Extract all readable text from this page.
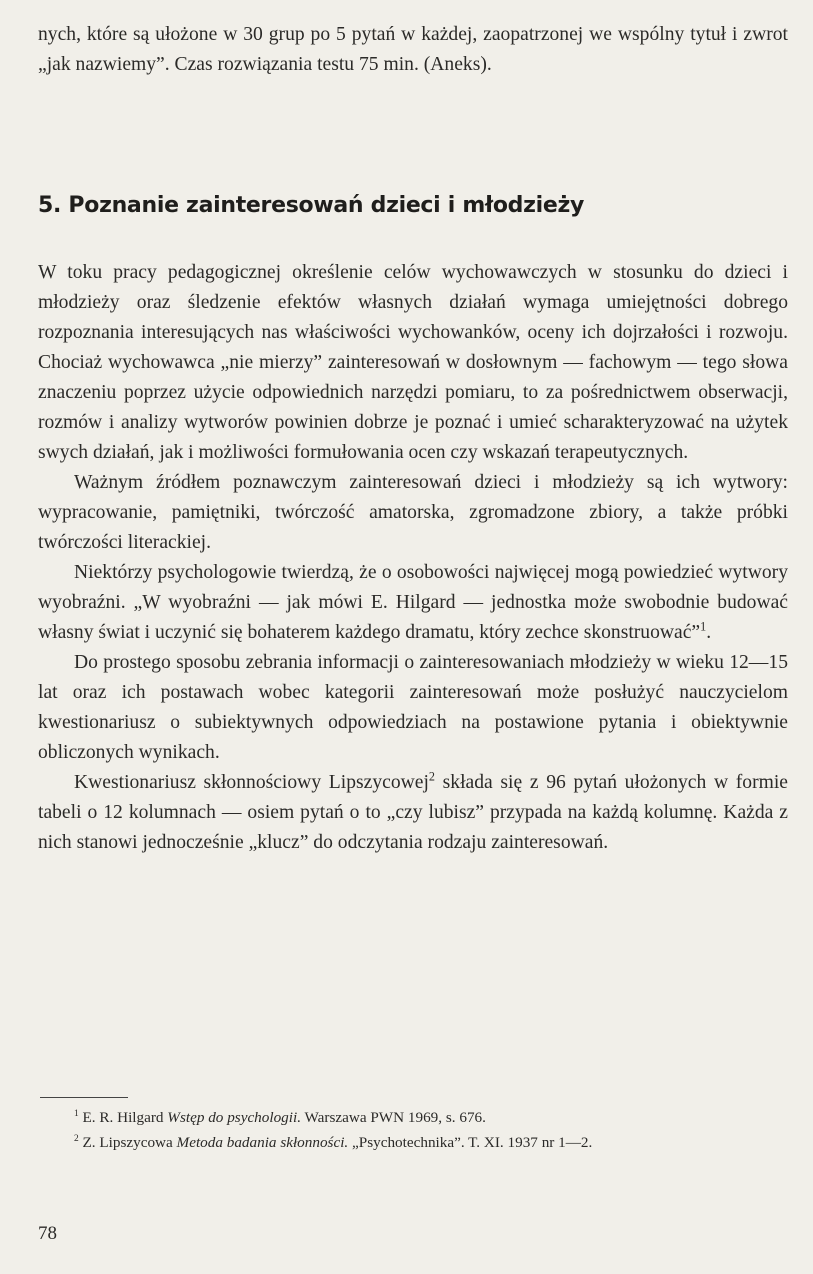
nych, które są ułożone w 30 grup po 5 pytań w każdej, zaopatrzonej we wspólny tytuł i zwrot „jak nazwiemy”. Czas rozwiązania testu 75 min. (Aneks).

5. Poznanie zainteresowań dzieci i młodzieży

W toku pracy pedagogicznej określenie celów wychowawczych w stosunku do dzieci i młodzieży oraz śledzenie efektów własnych działań wymaga umiejętności dobrego rozpoznania interesujących nas właściwości wychowanków, oceny ich dojrzałości i rozwoju. Chociaż wychowawca „nie mierzy” zainteresowań w dosłownym — fachowym — tego słowa znaczeniu poprzez użycie odpowiednich narzędzi pomiaru, to za pośrednictwem obserwacji, rozmów i analizy wytworów powinien dobrze je poznać i umieć scharakteryzować na użytek swych działań, jak i możliwości formułowania ocen czy wskazań terapeutycznych.

Ważnym źródłem poznawczym zainteresowań dzieci i młodzieży są ich wytwory: wypracowanie, pamiętniki, twórczość amatorska, zgromadzone zbiory, a także próbki twórczości literackiej.

Niektórzy psychologowie twierdzą, że o osobowości najwięcej mogą powiedzieć wytwory wyobraźni. „W wyobraźni — jak mówi E. Hilgard — jednostka może swobodnie budować własny świat i uczynić się bohaterem każdego dramatu, który zechce skonstruować”$^1$.

Do prostego sposobu zebrania informacji o zainteresowaniach młodzieży w wieku 12—15 lat oraz ich postawach wobec kategorii zainteresowań może posłużyć nauczycielom kwestionariusz o subiektywnych odpowiedziach na postawione pytania i obiektywnie obliczonych wynikach.

Kwestionariusz skłonnościowy Lipszycowej$^2$ składa się z 96 pytań ułożonych w formie tabeli o 12 kolumnach — osiem pytań o to „czy lubisz” przypada na każdą kolumnę. Każda z nich stanowi jednocześnie „klucz” do odczytania rodzaju zainteresowań.

$^1$ E. R. Hilgard Wstęp do psychologii. Warszawa PWN 1969, s. 676.

$^2$ Z. Lipszycowa Metoda badania skłonności. „Psychotechnika”. T. XI. 1937 nr 1—2.

78
